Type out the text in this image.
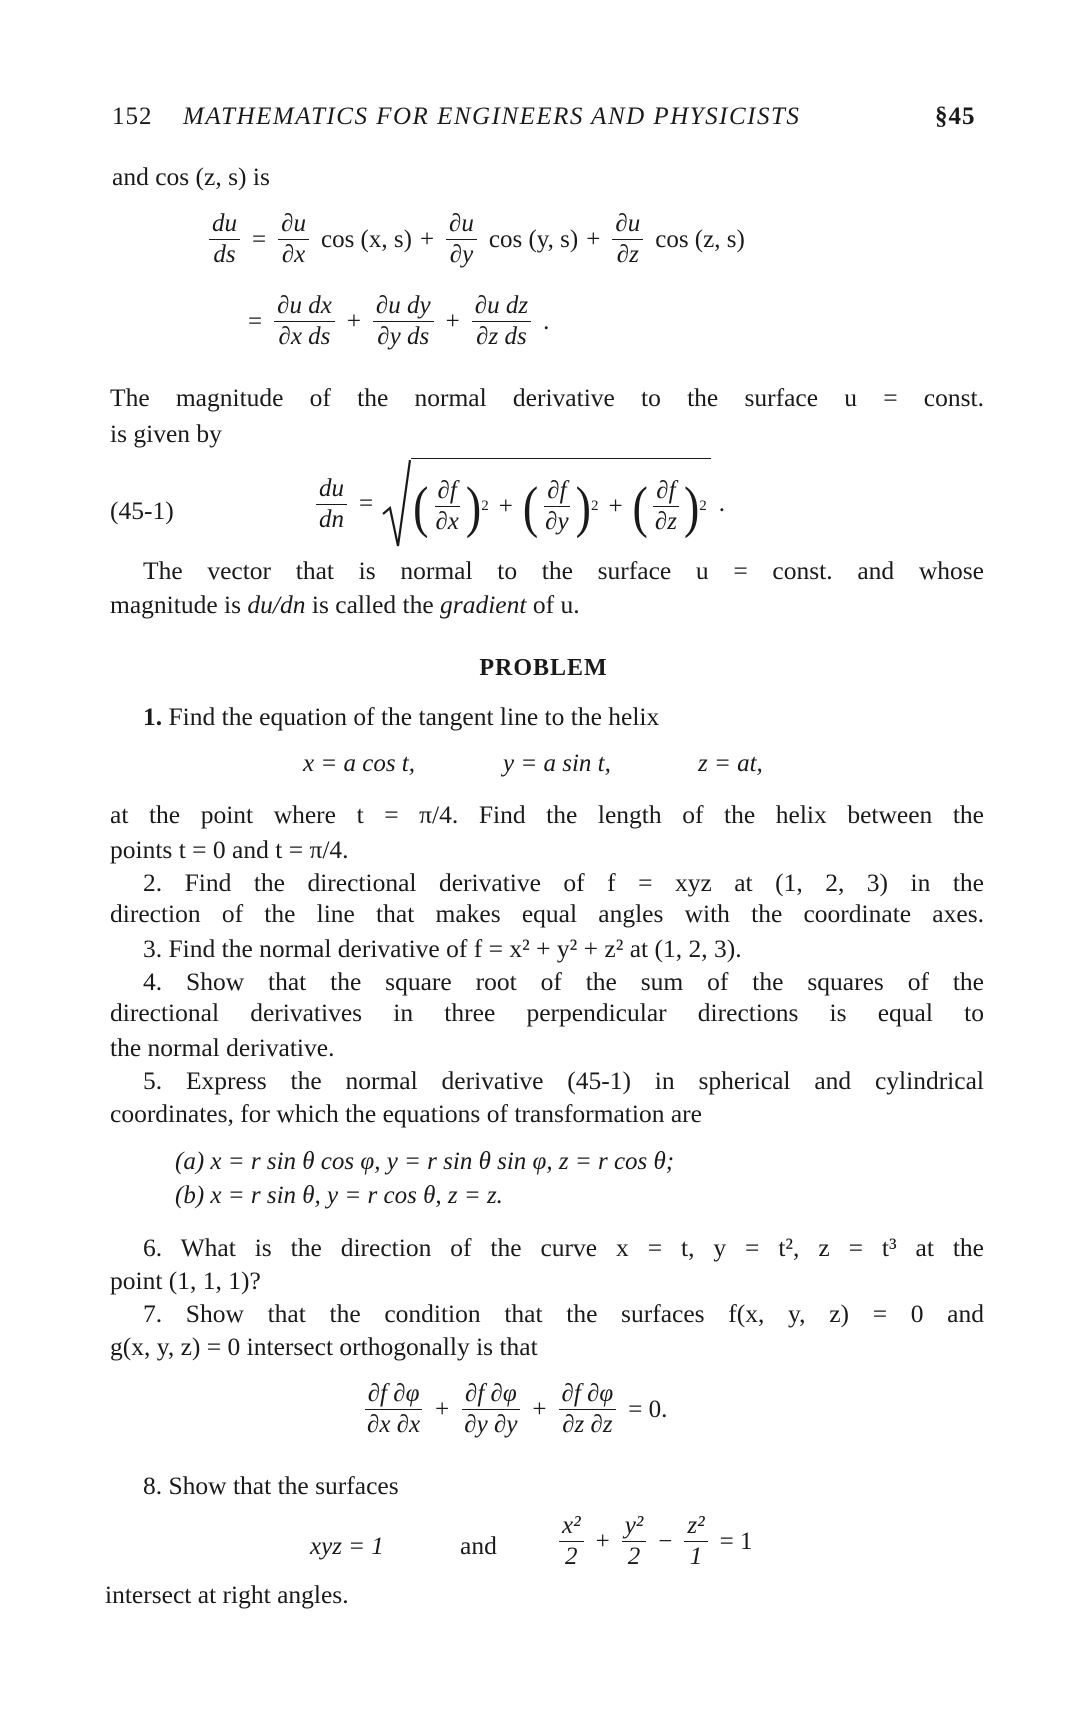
152 MATHEMATICS FOR ENGINEERS AND PHYSICISTS	§45
and cos (z, s) is
$\frac{du}{ds} = \frac{\partial u}{\partial x}$ cos (x, $s) + \frac{\partial u}{\partial y}$ cos (y, $s) + \frac{\partial u}{\partial z}$ cos (z, s)
= $\frac{\text{∂u dx}}{\text{∂x ds}} + \frac{\text{∂u dy}}{\text{∂y ds}} + \frac{\text{∂u dz}}{\text{∂z ds}}$ .
The magnitude of the normal derivative to the surface u = const.
is given by
(45-1)	$\frac{du}{dn}$ = ( $\frac{\partial f}{\partial x}$ ) 2 + ( $\frac{\partial f}{\partial y}$ ) 2 + ( $\frac{\partial f}{\partial z}$ ) 2 .
The vector that is normal to the surface u = const. and whose
magnitude is du/dn is called the gradient of u.
PROBLEM
1. Find the equation of the tangent line to the helix
x = a cos t,	y = a sin t,	z = at,
at the point where t = π/4. Find the length of the helix between the
points t = 0 and t = π/4.
2. Find the directional derivative of f = xyz at (1, 2, 3) in the
direction of the line that makes equal angles with the coordinate axes.
3. Find the normal derivative of f = x² + y² + z² at (1, 2, 3).
4. Show that the square root of the sum of the squares of the
directional derivatives in three perpendicular directions is equal to
the normal derivative.
5. Express the normal derivative (45-1) in spherical and cylindrical
coordinates, for which the equations of transformation are
(a) x = r sin θ cos φ, y = r sin θ sin φ, z = r cos θ;
(b) x = r sin θ, y = r cos θ, z = z.
6. What is the direction of the curve x = t, y = t², z = t³ at the
point (1, 1, 1)?
7. Show that the condition that the surfaces f(x, y, z) = 0 and
g(x, y, z) = 0 intersect orthogonally is that
$\frac{\partial f \partial\varphi}{\partial x \partial x} + \frac{\partial f \partial\varphi}{\partial y \partial y} + \frac{\partial f \partial\varphi}{\partial z \partial z} = 0$.
8. Show that the surfaces
xyz = 1	and $\frac{\text{x²}}{2} + \frac{\text{y²}}{2} - \frac{\text{z²}}{1} = 1$
intersect at right angles.
